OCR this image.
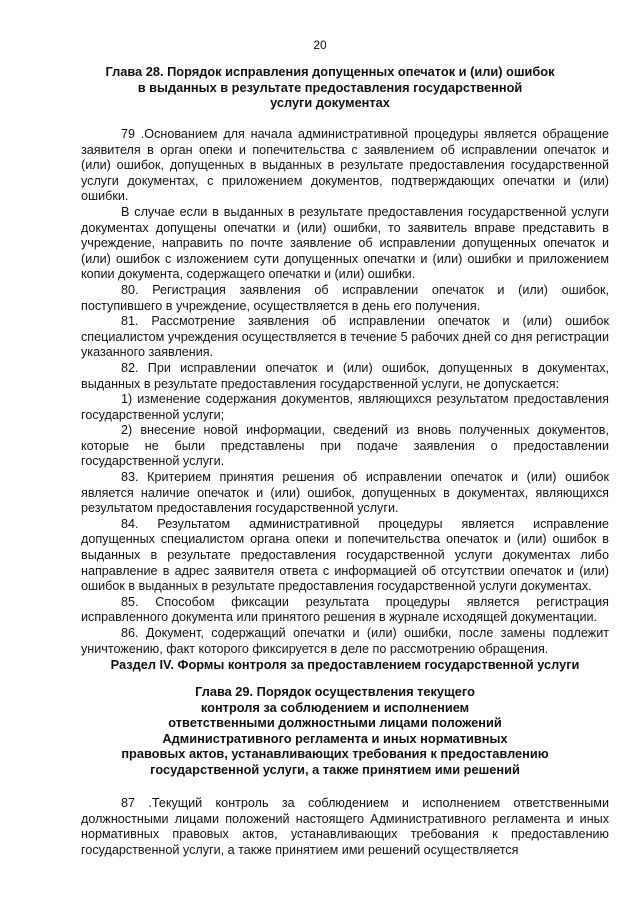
20
Глава 28. Порядок исправления допущенных опечаток и (или) ошибок
в выданных в результате предоставления государственной
услуги документах

79 .Основанием для начала административной процедуры является обращение заявителя в орган опеки и попечительства с заявлением об исправлении опечаток и (или) ошибок, допущенных в выданных в результате предоставления государственной услуги документах, с приложением документов, подтверждающих опечатки и (или) ошибки.

В случае если в выданных в результате предоставления государственной услуги документах допущены опечатки и (или) ошибки, то заявитель вправе представить в учреждение, направить по почте заявление об исправлении допущенных опечаток и (или) ошибок с изложением сути допущенных опечатки и (или) ошибки и приложением копии документа, содержащего опечатки и (или) ошибки.

80. Регистрация заявления об исправлении опечаток и (или) ошибок, поступившего в учреждение, осуществляется в день его получения.

81. Рассмотрение заявления об исправлении опечаток и (или) ошибок специалистом учреждения осуществляется в течение 5 рабочих дней со дня регистрации указанного заявления.

82. При исправлении опечаток и (или) ошибок, допущенных в документах, выданных в результате предоставления государственной услуги, не допускается:

1) изменение содержания документов, являющихся результатом предоставления государственной услуги;

2) внесение новой информации, сведений из вновь полученных документов, которые не были представлены при подаче заявления о предоставлении государственной услуги.

83. Критерием принятия решения об исправлении опечаток и (или) ошибок является наличие опечаток и (или) ошибок, допущенных в документах, являющихся результатом предоставления государственной услуги.

84. Результатом административной процедуры является исправление допущенных специалистом органа опеки и попечительства опечаток и (или) ошибок в выданных в результате предоставления государственной услуги документах либо направление в адрес заявителя ответа с информацией об отсутствии опечаток и (или) ошибок в выданных в результате предоставления государственной услуги документах.

85. Способом фиксации результата процедуры является регистрация исправленного документа или принятого решения в журнале исходящей документации.

86. Документ, содержащий опечатки и (или) ошибки, после замены подлежит уничтожению, факт которого фиксируется в деле по рассмотрению обращения.

Раздел IV. Формы контроля за предоставлением государственной услуги
Глава 29. Порядок осуществления текущего
контроля за соблюдением и исполнением
ответственными должностными лицами положений
Административного регламента и иных нормативных
правовых актов, устанавливающих требования к предоставлению
государственной услуги, а также принятием ими решений

87 .Текущий контроль за соблюдением и исполнением ответственными должностными лицами положений настоящего Административного регламента и иных нормативных правовых актов, устанавливающих требования к предоставлению государственной услуги, а также принятием ими решений осуществляется
